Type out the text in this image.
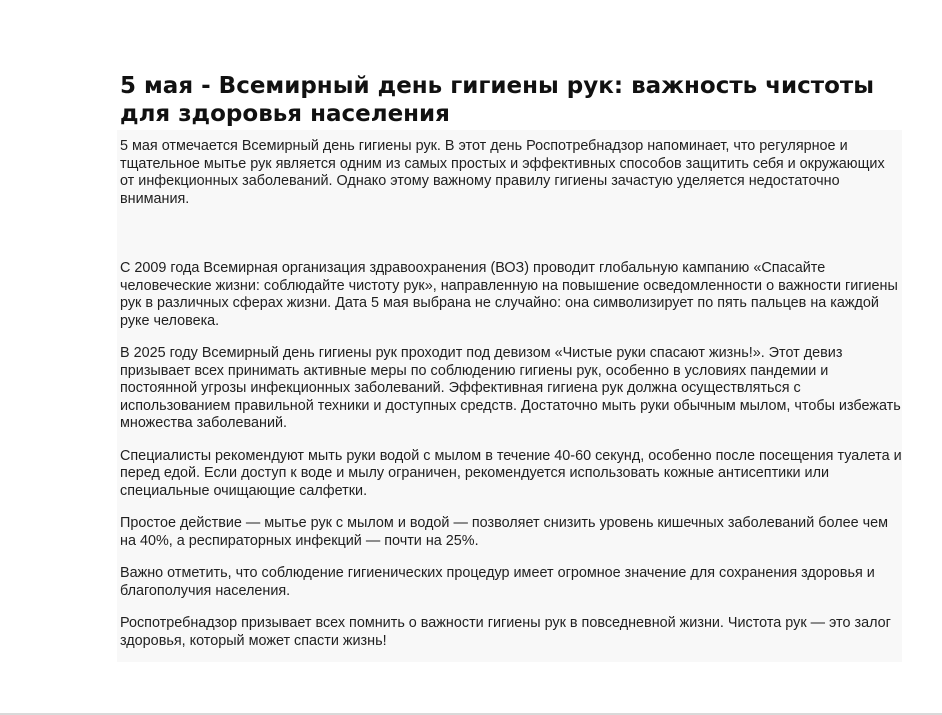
5 мая - Всемирный день гигиены рук: важность чистоты для здоровья населения

5 мая отмечается Всемирный день гигиены рук. В этот день Роспотребнадзор напоминает, что регулярное и тщательное мытье рук является одним из самых простых и эффективных способов защитить себя и окружающих от инфекционных заболеваний. Однако этому важному правилу гигиены зачастую уделяется недостаточно внимания.

С 2009 года Всемирная организация здравоохранения (ВОЗ) проводит глобальную кампанию «Спасайте человеческие жизни: соблюдайте чистоту рук», направленную на повышение осведомленности о важности гигиены рук в различных сферах жизни. Дата 5 мая выбрана не случайно: она символизирует по пять пальцев на каждой руке человека.

В 2025 году Всемирный день гигиены рук проходит под девизом «Чистые руки спасают жизнь!». Этот девиз призывает всех принимать активные меры по соблюдению гигиены рук, особенно в условиях пандемии и постоянной угрозы инфекционных заболеваний. Эффективная гигиена рук должна осуществляться с использованием правильной техники и доступных средств. Достаточно мыть руки обычным мылом, чтобы избежать множества заболеваний.

Специалисты рекомендуют мыть руки водой с мылом в течение 40-60 секунд, особенно после посещения туалета и перед едой. Если доступ к воде и мылу ограничен, рекомендуется использовать кожные антисептики или специальные очищающие салфетки.

Простое действие — мытье рук с мылом и водой — позволяет снизить уровень кишечных заболеваний более чем на 40%, а респираторных инфекций — почти на 25%.

Важно отметить, что соблюдение гигиенических процедур имеет огромное значение для сохранения здоровья и благополучия населения.

Роспотребнадзор призывает всех помнить о важности гигиены рук в повседневной жизни. Чистота рук — это залог здоровья, который может спасти жизнь!
